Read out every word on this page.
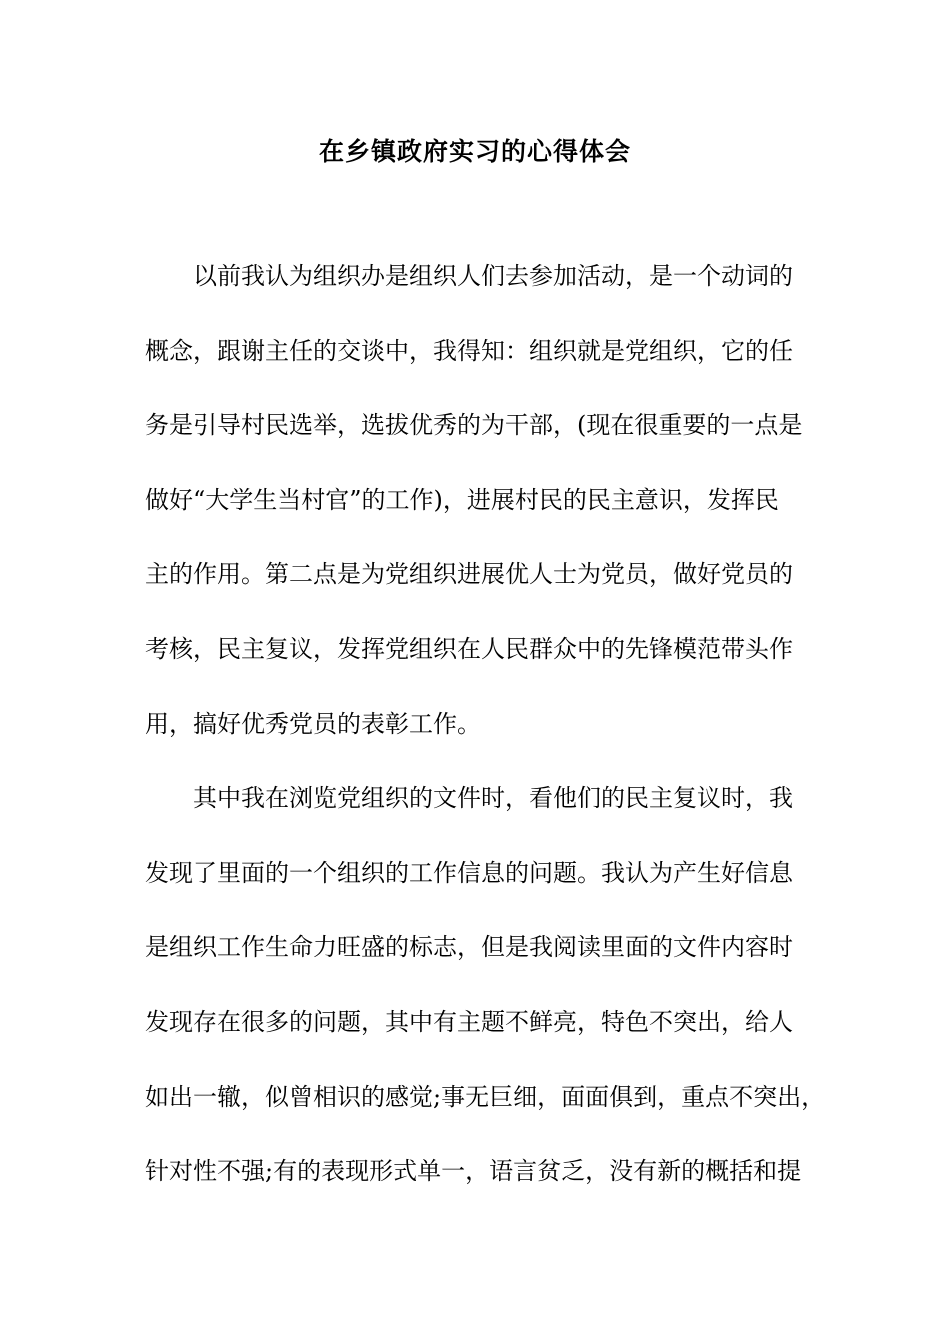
在乡镇政府实习的心得体会
以前我认为组织办是组织人们去参加活动，是一个动词的
概念，跟谢主任的交谈中，我得知：组织就是党组织，它的任
务是引导村民选举，选拔优秀的为干部，(现在很重要的一点是
做好“大学生当村官”的工作)，进展村民的民主意识，发挥民
主的作用。第二点是为党组织进展优人士为党员，做好党员的
考核，民主复议，发挥党组织在人民群众中的先锋模范带头作
用，搞好优秀党员的表彰工作。
其中我在浏览党组织的文件时，看他们的民主复议时，我
发现了里面的一个组织的工作信息的问题。我认为产生好信息
是组织工作生命力旺盛的标志，但是我阅读里面的文件内容时
发现存在很多的问题，其中有主题不鲜亮，特色不突出，给人
如出一辙，似曾相识的感觉;事无巨细，面面俱到，重点不突出，
针对性不强;有的表现形式单一，语言贫乏，没有新的概括和提
